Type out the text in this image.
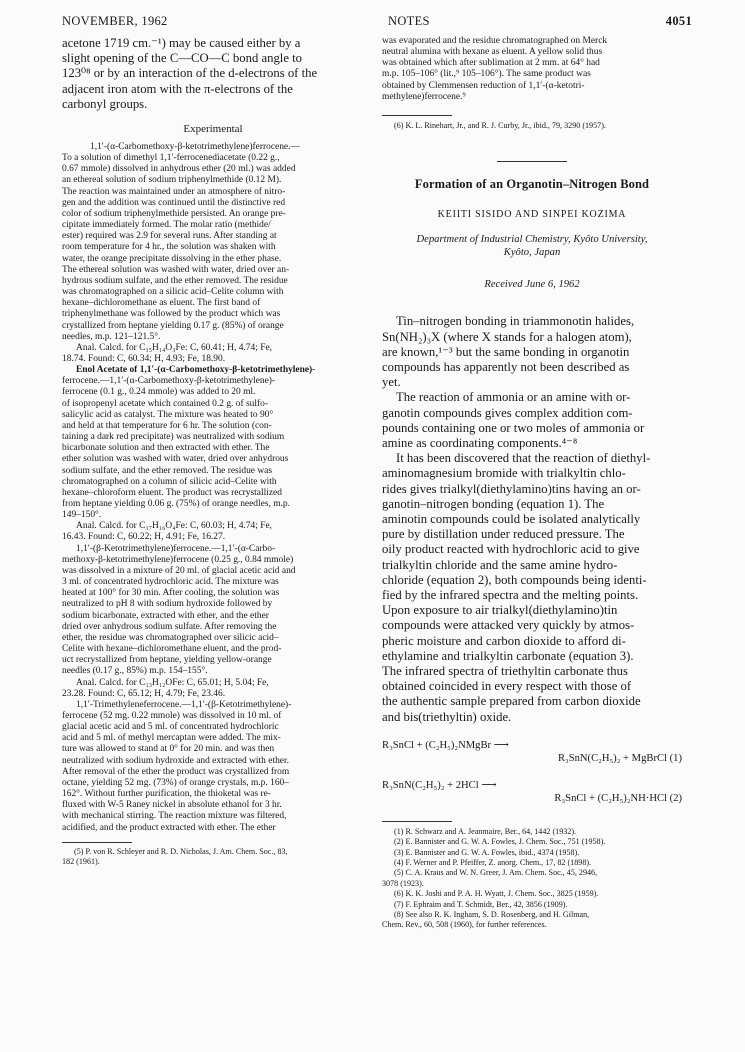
NOVEMBER, 1962	NOTES	4051

acetone 1719 cm.⁻¹) may be caused either by a

slight opening of the C—CO—C bond angle to

123⁰⁸ or by an interaction of the d-electrons of the

adjacent iron atom with the π-electrons of the

carbonyl groups.

Experimental

1,1′-(α-Carbomethoxy-β-ketotrimethylene)ferrocene.—

To a solution of dimethyl 1,1′-ferrocenediacetate (0.22 g.,

0.67 mmole) dissolved in anhydrous ether (20 ml.) was added

an ethereal solution of sodium triphenylmethide (0.12 M).

The reaction was maintained under an atmosphere of nitro-

gen and the addition was continued until the distinctive red

color of sodium triphenylmethide persisted. An orange pre-

cipitate immediately formed. The molar ratio (methide/

ester) required was 2.9 for several runs. After standing at

room temperature for 4 hr., the solution was shaken with

water, the orange precipitate dissolving in the ether phase.

The ethereal solution was washed with water, dried over an-

hydrous sodium sulfate, and the ether removed. The residue

was chromatographed on a silicic acid–Celite column with

hexane–dichloromethane as eluent. The first band of

triphenylmethane was followed by the product which was

crystallized from heptane yielding 0.17 g. (85%) of orange

needles, m.p. 121–121.5°.

Anal. Calcd. for C₁₅H₁₄O₃Fe: C, 60.41; H, 4.74; Fe,

18.74. Found: C, 60.34; H, 4.93; Fe, 18.90.

Enol Acetate of 1,1′-(α-Carbomethoxy-β-ketotrimethylene)-

ferrocene.—1,1′-(α-Carbomethoxy-β-ketotrimethylene)-

ferrocene (0.1 g., 0.24 mmole) was added to 20 ml.

of isopropenyl acetate which contained 0.2 g. of sulfo-

salicylic acid as catalyst. The mixture was heated to 90°

and held at that temperature for 6 hr. The solution (con-

taining a dark red precipitate) was neutralized with sodium

bicarbonate solution and then extracted with ether. The

ether solution was washed with water, dried over anhydrous

sodium sulfate, and the ether removed. The residue was

chromatographed on a column of silicic acid–Celite with

hexane–chloroform eluent. The product was recrystallized

from heptane yielding 0.06 g. (75%) of orange needles, m.p.

149–150°.

Anal. Calcd. for C₁₇H₁₆O₄Fe: C, 60.03; H, 4.74; Fe,

16.43. Found: C, 60.22; H, 4.91; Fe, 16.27.

1,1′-(β-Ketotrimethylene)ferrocene.—1,1′-(α-Carbo-

methoxy-β-ketotrimethylene)ferrocene (0.25 g., 0.84 mmole)

was dissolved in a mixture of 20 ml. of glacial acetic acid and

3 ml. of concentrated hydrochloric acid. The mixture was

heated at 100° for 30 min. After cooling, the solution was

neutralized to pH 8 with sodium hydroxide followed by

sodium bicarbonate, extracted with ether, and the ether

dried over anhydrous sodium sulfate. After removing the

ether, the residue was chromatographed over silicic acid–

Celite with hexane–dichloromethane eluent, and the prod-

uct recrystallized from heptane, yielding yellow-orange

needles (0.17 g., 85%) m.p. 154–155°.

Anal. Calcd. for C₁₃H₁₂OFe: C, 65.01; H, 5.04; Fe,

23.28. Found: C, 65.12; H, 4.79; Fe, 23.46.

1,1′-Trimethyleneferrocene.—1,1′-(β-Ketotrimethylene)-

ferrocene (52 mg. 0.22 mmole) was dissolved in 10 ml. of

glacial acetic acid and 5 ml. of concentrated hydrochloric

acid and 5 ml. of methyl mercaptan were added. The mix-

ture was allowed to stand at 0° for 20 min. and was then

neutralized with sodium hydroxide and extracted with ether.

After removal of the ether the product was crystallized from

octane, yielding 52 mg. (73%) of orange crystals, m.p. 160–

162°. Without further purification, the thioketal was re-

fluxed with W-5 Raney nickel in absolute ethanol for 3 hr.

with mechanical stirring. The reaction mixture was filtered,

acidified, and the product extracted with ether. The ether

(5) P. von R. Schleyer and R. D. Nicholas, J. Am. Chem. Soc., 83,

182 (1961).

was evaporated and the residue chromatographed on Merck

neutral alumina with hexane as eluent. A yellow solid thus

was obtained which after sublimation at 2 mm. at 64° had

m.p. 105–106° (lit.,⁹ 105–106°). The same product was

obtained by Clemmensen reduction of 1,1′-(α-ketotri-

methylene)ferrocene.⁹

(6) K. L. Rinehart, Jr., and R. J. Curby, Jr., ibid., 79, 3290 (1957).

Formation of an Organotin–Nitrogen Bond
KEIITI SISIDO AND SINPEI KOZIMA

Department of Industrial Chemistry, Kyôto University,

Kyôto, Japan

Received June 6, 1962

Tin–nitrogen bonding in triammonotin halides,

Sn(NH₂)₃X (where X stands for a halogen atom),

are known,¹⁻³ but the same bonding in organotin

compounds has apparently not been described as

yet.

The reaction of ammonia or an amine with or-

ganotin compounds gives complex addition com-

pounds containing one or two moles of ammonia or

amine as coordinating components.⁴⁻⁸

It has been discovered that the reaction of diethyl-

aminomagnesium bromide with trialkyltin chlo-

rides gives trialkyl(diethylamino)tins having an or-

ganotin–nitrogen bonding (equation 1). The

aminotin compounds could be isolated analytically

pure by distillation under reduced pressure. The

oily product reacted with hydrochloric acid to give

trialkyltin chloride and the same amine hydro-

chloride (equation 2), both compounds being identi-

fied by the infrared spectra and the melting points.

Upon exposure to air trialkyl(diethylamino)tin

compounds were attacked very quickly by atmos-

pheric moisture and carbon dioxide to afford di-

ethylamine and trialkyltin carbonate (equation 3).

The infrared spectra of triethyltin carbonate thus

obtained coincided in every respect with those of

the authentic sample prepared from carbon dioxide

and bis(triethyltin) oxide.

R₃SnCl + (C₂H₅)₂NMgBr ⟶
R₃SnN(C₂H₅)₂ + MgBrCl (1)
R₃SnN(C₂H₅)₂ + 2HCl ⟶
R₃SnCl + (C₂H₅)₂NH·HCl (2)

(1) R. Schwarz and A. Jeanmaire, Ber., 64, 1442 (1932).

(2) E. Bannister and G. W. A. Fowles, J. Chem. Soc., 751 (1958).

(3) E. Bannister and G. W. A. Fowles, ibid., 4374 (1958).

(4) F. Werner and P. Pfeiffer, Z. anorg. Chem., 17, 82 (1898).

(5) C. A. Kraus and W. N. Greer, J. Am. Chem. Soc., 45, 2946,

3078 (1923).

(6) K. K. Joshi and P. A. H. Wyatt, J. Chem. Soc., 3825 (1959).

(7) F. Ephraim and T. Schmidt, Ber., 42, 3856 (1909).

(8) See also R. K. Ingham, S. D. Rosenberg, and H. Gilman,

Chem. Rev., 60, 508 (1960), for further references.
